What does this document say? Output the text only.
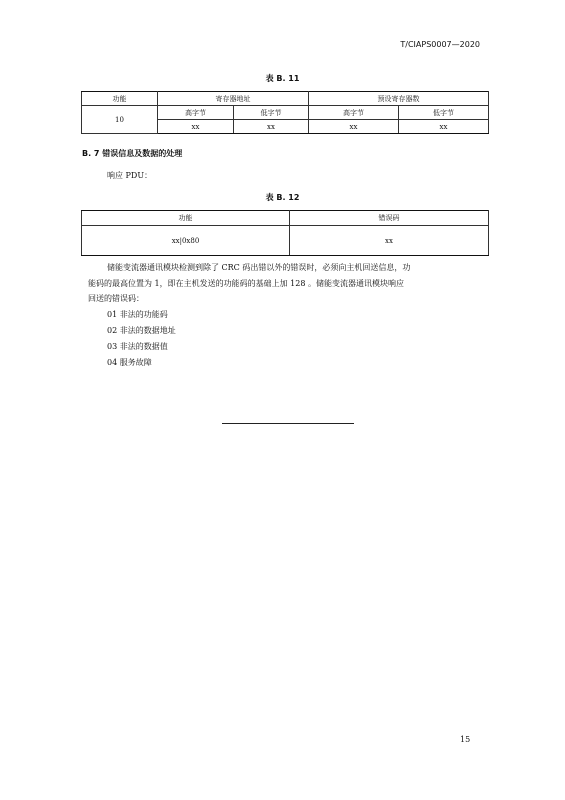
T/CIAPS0007—2020
表 B. 11
功能	寄存器地址		预设寄存器数	
10	高字节	低字节	高字节	低字节
	xx	xx	xx	xx
B. 7 错误信息及数据的处理
响应 PDU：
表 B. 12
功能	错误码
xx|0x80	xx
储能变流器通讯模块检测到除了 CRC 码出错以外的错误时，必须向主机回送信息，功
能码的最高位置为 1，即在主机发送的功能码的基础上加 128 。储能变流器通讯模块响应
回送的错误码：
01 非法的功能码
02 非法的数据地址
03 非法的数据值
04 服务故障
15
